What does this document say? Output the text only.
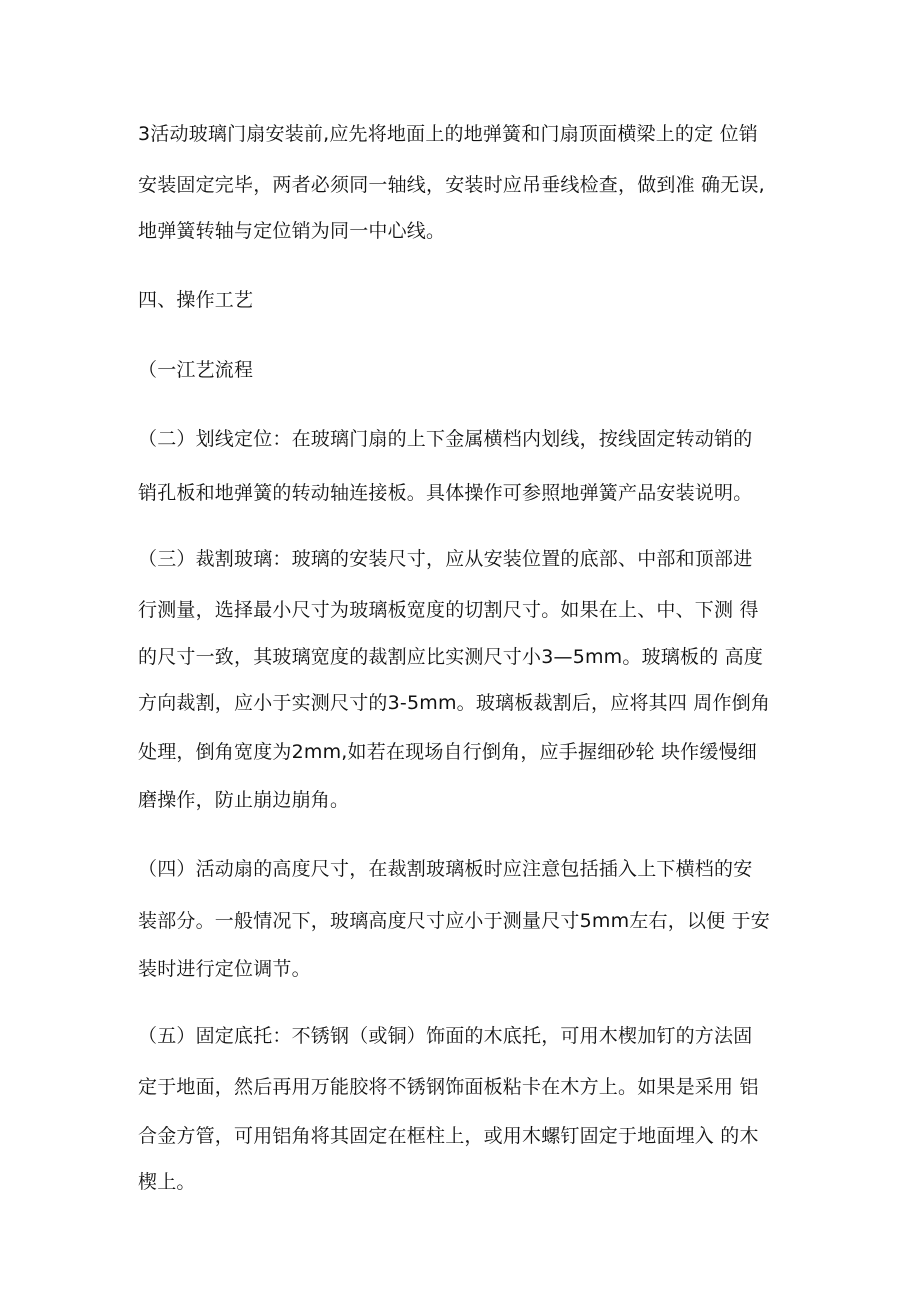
3活动玻璃门扇安装前,应先将地面上的地弹簧和门扇顶面横梁上的定 位销
安装固定完毕，两者必须同一轴线，安装时应吊垂线检查，做到准 确无误,
地弹簧转轴与定位销为同一中心线。
四、操作工艺
（一江艺流程
（二）划线定位：在玻璃门扇的上下金属横档内划线，按线固定转动销的
销孔板和地弹簧的转动轴连接板。具体操作可参照地弹簧产品安装说明。
（三）裁割玻璃：玻璃的安装尺寸，应从安装位置的底部、中部和顶部进
行测量，选择最小尺寸为玻璃板宽度的切割尺寸。如果在上、中、下测 得
的尺寸一致，其玻璃宽度的裁割应比实测尺寸小3—5mm。玻璃板的 高度
方向裁割，应小于实测尺寸的3-5mm。玻璃板裁割后，应将其四 周作倒角
处理，倒角宽度为2mm,如若在现场自行倒角，应手握细砂轮 块作缓慢细
磨操作，防止崩边崩角。
（四）活动扇的高度尺寸，在裁割玻璃板时应注意包括插入上下横档的安
装部分。一般情况下，玻璃高度尺寸应小于测量尺寸5mm左右，以便 于安
装时进行定位调节。
（五）固定底托：不锈钢（或铜）饰面的木底托，可用木楔加钉的方法固
定于地面，然后再用万能胶将不锈钢饰面板粘卡在木方上。如果是采用 铝
合金方管，可用铝角将其固定在框柱上，或用木螺钉固定于地面埋入 的木
楔上。
